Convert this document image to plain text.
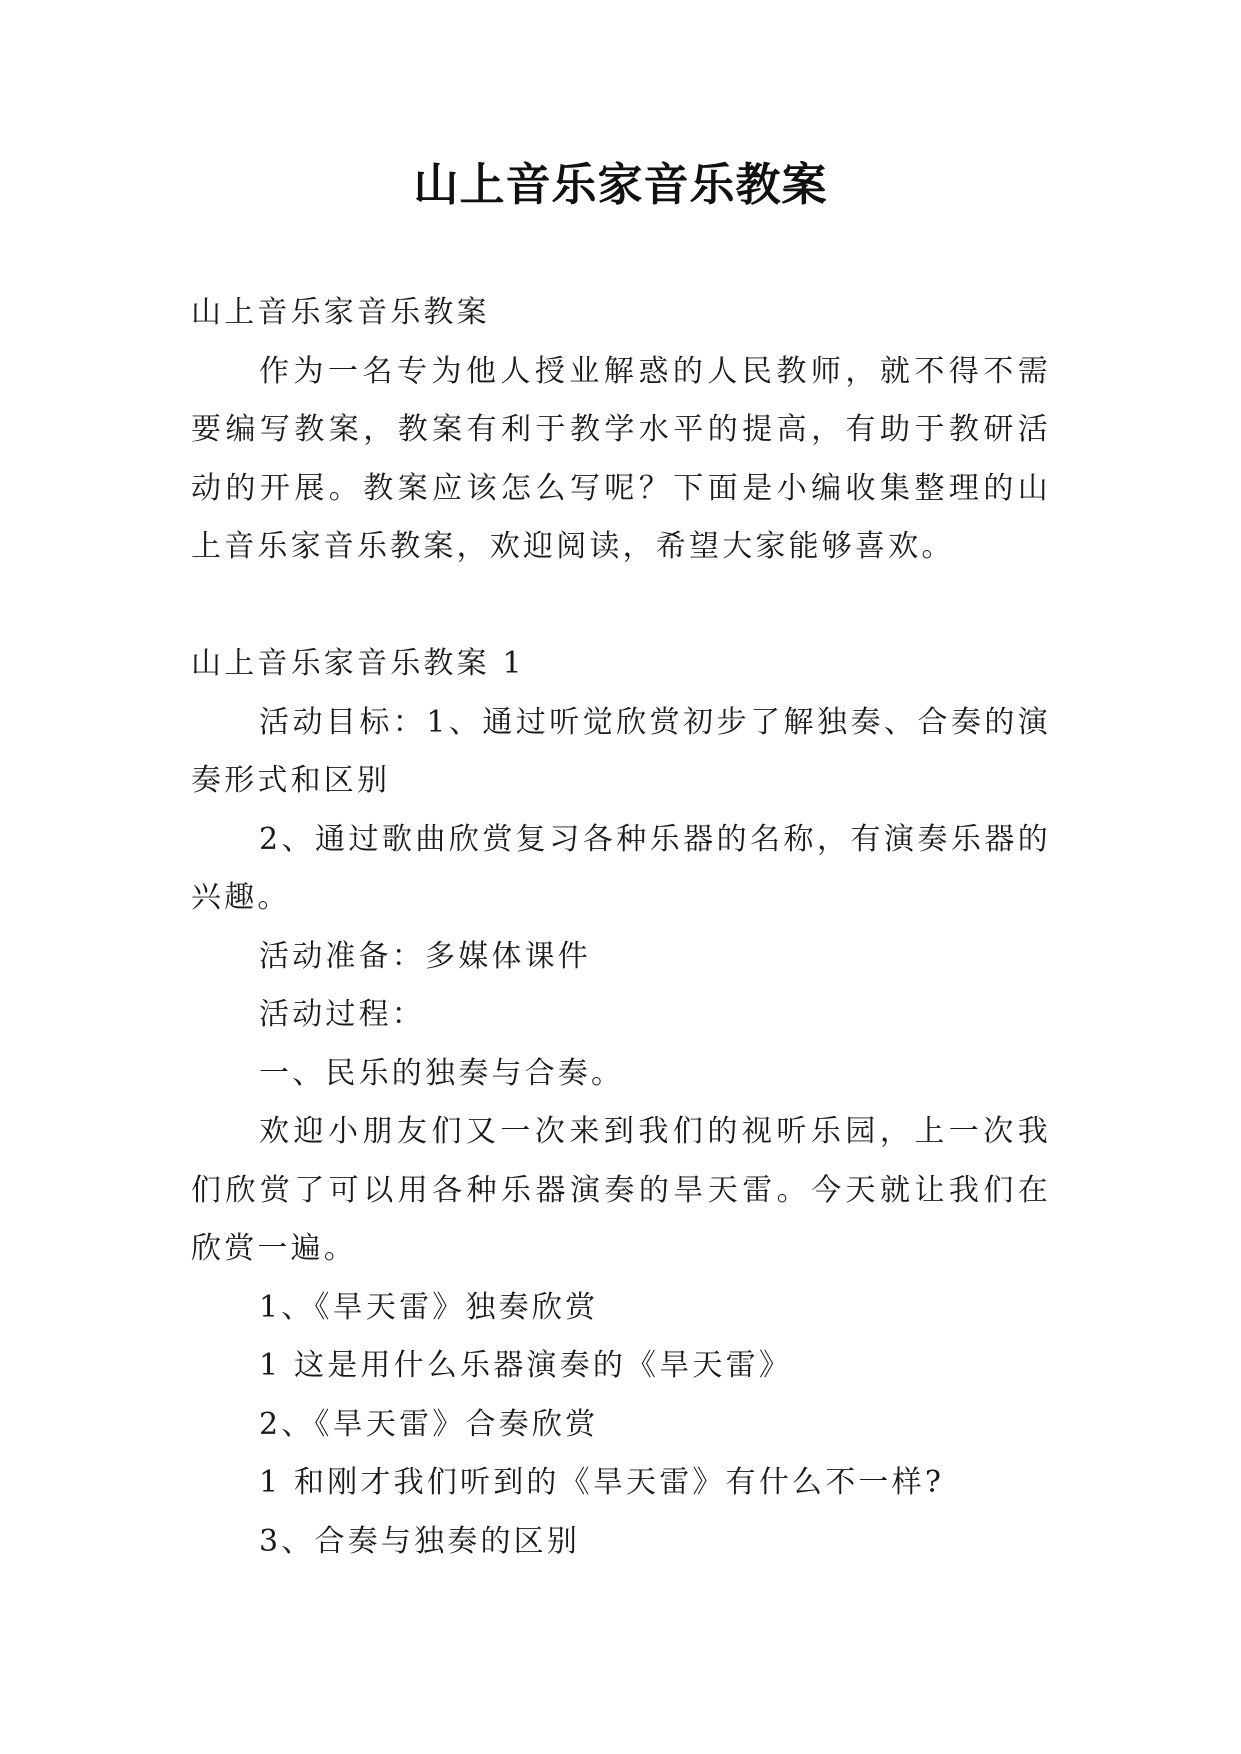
山上音乐家音乐教案

山上音乐家音乐教案

作为一名专为他人授业解惑的人民教师，就不得不需要编写教案，教案有利于教学水平的提高，有助于教研活动的开展。教案应该怎么写呢？下面是小编收集整理的山上音乐家音乐教案，欢迎阅读，希望大家能够喜欢。

山上音乐家音乐教案 1

活动目标：1、通过听觉欣赏初步了解独奏、合奏的演奏形式和区别

2、通过歌曲欣赏复习各种乐器的名称，有演奏乐器的兴趣。

活动准备：多媒体课件

活动过程：

一、民乐的独奏与合奏。

欢迎小朋友们又一次来到我们的视听乐园，上一次我们欣赏了可以用各种乐器演奏的旱天雷。今天就让我们在欣赏一遍。

1、《旱天雷》独奏欣赏

1 这是用什么乐器演奏的《旱天雷》

2、《旱天雷》合奏欣赏

1 和刚才我们听到的《旱天雷》有什么不一样?

3、合奏与独奏的区别
